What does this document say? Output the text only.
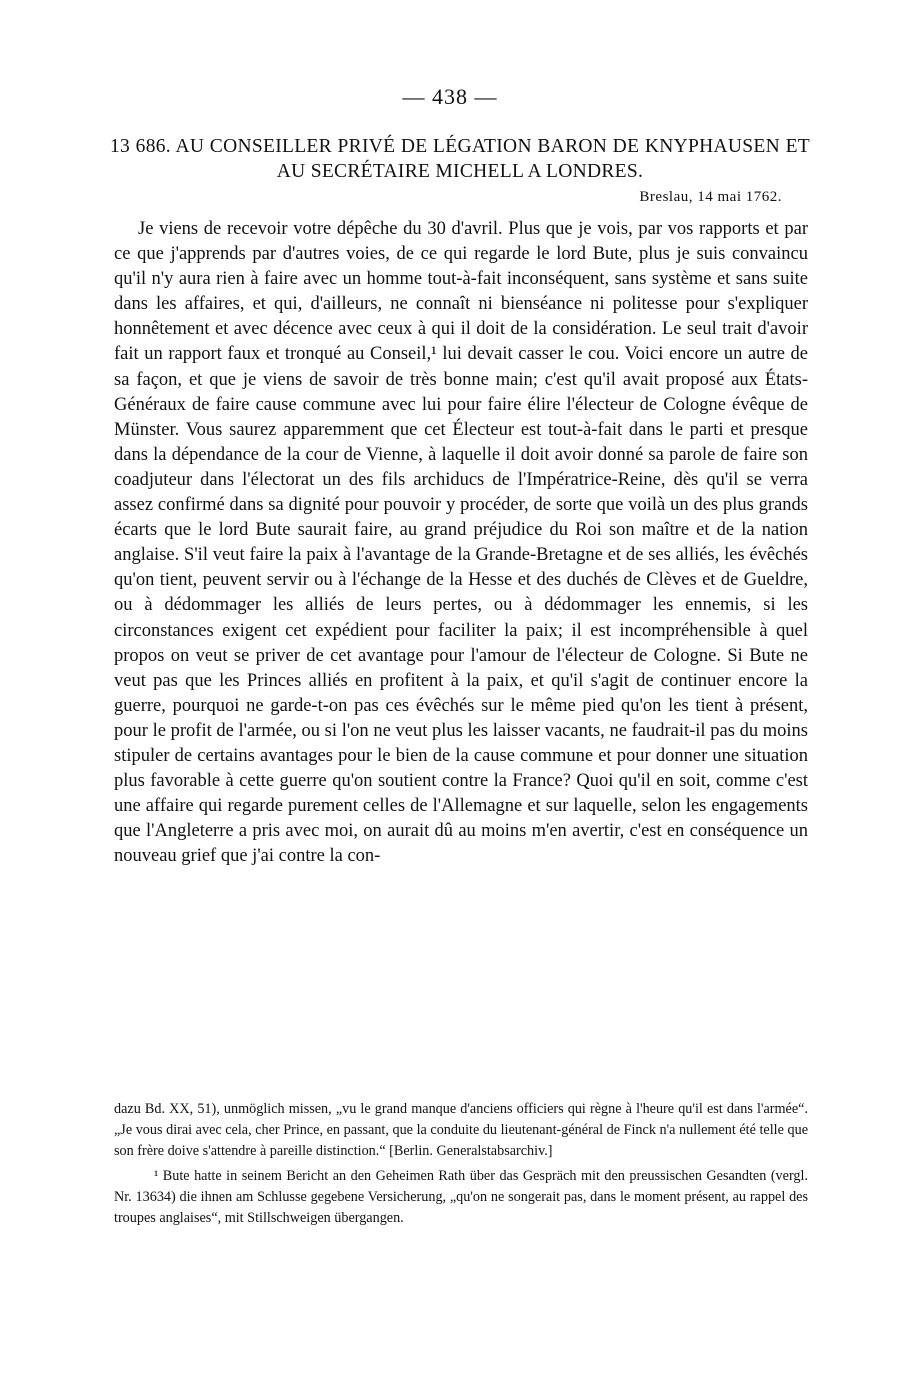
— 438 —
13 686. AU CONSEILLER PRIVÉ DE LÉGATION BARON DE KNYPHAUSEN ET AU SECRÉTAIRE MICHELL A LONDRES.
Breslau, 14 mai 1762.

Je viens de recevoir votre dépêche du 30 d'avril. Plus que je vois, par vos rapports et par ce que j'apprends par d'autres voies, de ce qui regarde le lord Bute, plus je suis convaincu qu'il n'y aura rien à faire avec un homme tout-à-fait inconséquent, sans système et sans suite dans les affaires, et qui, d'ailleurs, ne connaît ni bienséance ni politesse pour s'expliquer honnêtement et avec décence avec ceux à qui il doit de la considération. Le seul trait d'avoir fait un rapport faux et tronqué au Conseil,¹ lui devait casser le cou. Voici encore un autre de sa façon, et que je viens de savoir de très bonne main; c'est qu'il avait proposé aux États-Généraux de faire cause commune avec lui pour faire élire l'électeur de Cologne évêque de Münster. Vous saurez apparemment que cet Électeur est tout-à-fait dans le parti et presque dans la dépendance de la cour de Vienne, à laquelle il doit avoir donné sa parole de faire son coadjuteur dans l'électorat un des fils archiducs de l'Impératrice-Reine, dès qu'il se verra assez confirmé dans sa dignité pour pouvoir y procéder, de sorte que voilà un des plus grands écarts que le lord Bute saurait faire, au grand préjudice du Roi son maître et de la nation anglaise. S'il veut faire la paix à l'avantage de la Grande-Bretagne et de ses alliés, les évêchés qu'on tient, peuvent servir ou à l'échange de la Hesse et des duchés de Clèves et de Gueldre, ou à dédommager les alliés de leurs pertes, ou à dédommager les ennemis, si les circonstances exigent cet expédient pour faciliter la paix; il est incompréhensible à quel propos on veut se priver de cet avantage pour l'amour de l'électeur de Cologne. Si Bute ne veut pas que les Princes alliés en profitent à la paix, et qu'il s'agit de continuer encore la guerre, pourquoi ne garde-t-on pas ces évêchés sur le même pied qu'on les tient à présent, pour le profit de l'armée, ou si l'on ne veut plus les laisser vacants, ne faudrait-il pas du moins stipuler de certains avantages pour le bien de la cause commune et pour donner une situation plus favorable à cette guerre qu'on soutient contre la France? Quoi qu'il en soit, comme c'est une affaire qui regarde purement celles de l'Allemagne et sur laquelle, selon les engagements que l'Angleterre a pris avec moi, on aurait dû au moins m'en avertir, c'est en conséquence un nouveau grief que j'ai contre la con-

dazu Bd. XX, 51), unmöglich missen, „vu le grand manque d'anciens officiers qui règne à l'heure qu'il est dans l'armée“. „Je vous dirai avec cela, cher Prince, en passant, que la conduite du lieutenant-général de Finck n'a nullement été telle que son frère doive s'attendre à pareille distinction.“ [Berlin. Generalstabsarchiv.]

¹ Bute hatte in seinem Bericht an den Geheimen Rath über das Gespräch mit den preussischen Gesandten (vergl. Nr. 13634) die ihnen am Schlusse gegebene Versicherung, „qu'on ne songerait pas, dans le moment présent, au rappel des troupes anglaises“, mit Stillschweigen übergangen.
